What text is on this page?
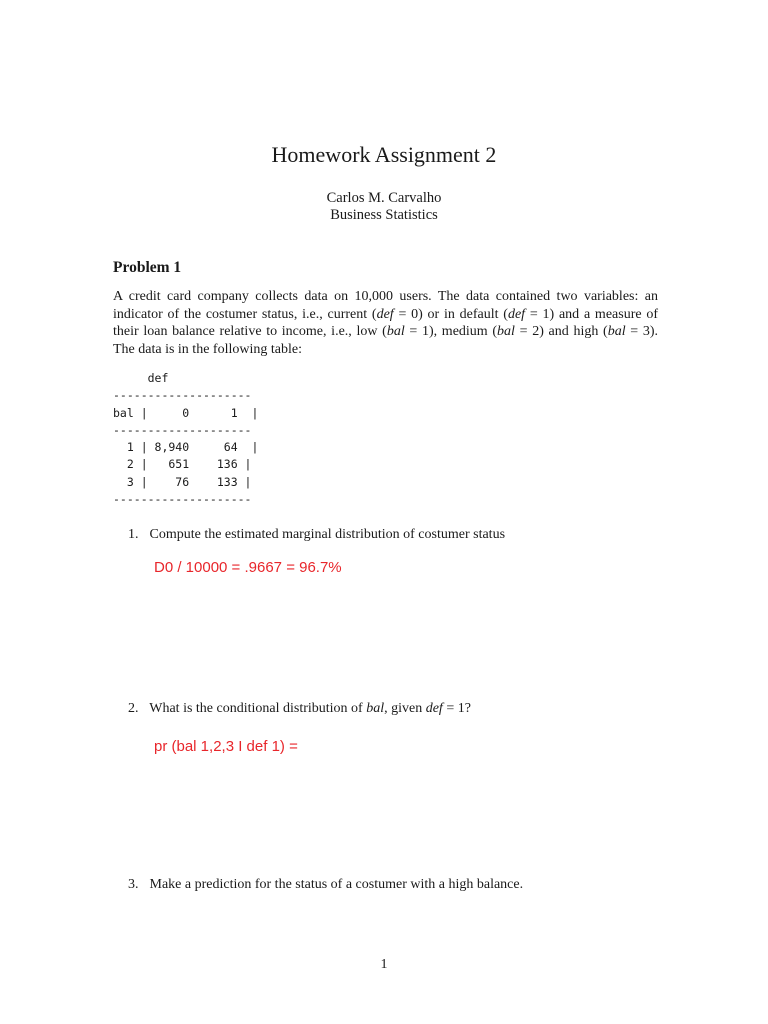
Homework Assignment 2
Carlos M. Carvalho
Business Statistics
Problem 1
A credit card company collects data on 10,000 users. The data contained two variables: an indicator of the costumer status, i.e., current (def = 0) or in default (def = 1) and a measure of their loan balance relative to income, i.e., low (bal = 1), medium (bal = 2) and high (bal = 3). The data is in the following table:
def
--------------------
bal |     0      1  |
--------------------
1 | 8,940     64  |
2 |   651    136 |
3 |    76    133 |
--------------------
1. Compute the estimated marginal distribution of costumer status
D0 / 10000 = .9667 = 96.7%
2. What is the conditional distribution of bal, given def = 1?
pr (bal 1,2,3 I def 1) =
3. Make a prediction for the status of a costumer with a high balance.
1
